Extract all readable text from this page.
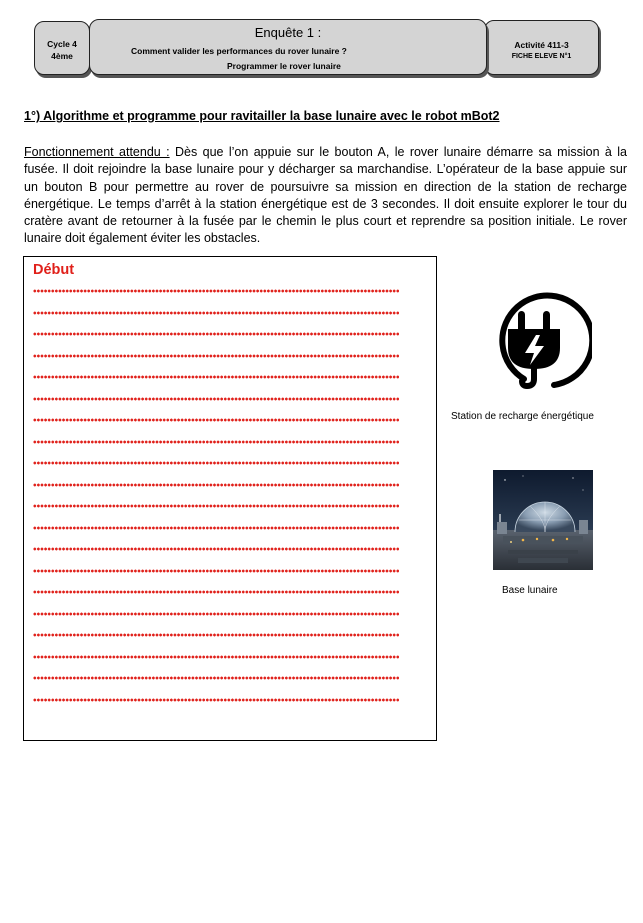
Cycle 4
4ème
Activité 411-3
FICHE ELEVE N°1
Enquête 1 :
Comment valider les performances du rover lunaire ?
Programmer le rover lunaire
1°) Algorithme et programme pour ravitailler la base lunaire avec le robot mBot2

Fonctionnement attendu : Dès que l’on appuie sur le bouton A, le rover lunaire démarre sa mission à la fusée. Il doit rejoindre la base lunaire pour y décharger sa marchandise. L’opérateur de la base appuie sur un bouton B pour permettre au rover de poursuivre sa mission en direction de la station de recharge énergétique. Le temps d’arrêt à la station énergétique est de 3 secondes. Il doit ensuite explorer le tour du cratère avant de retourner à la fusée par le chemin le plus court et reprendre sa position initiale. Le rover lunaire doit également éviter les obstacles.

Début
Station de recharge énergétique
Base lunaire
